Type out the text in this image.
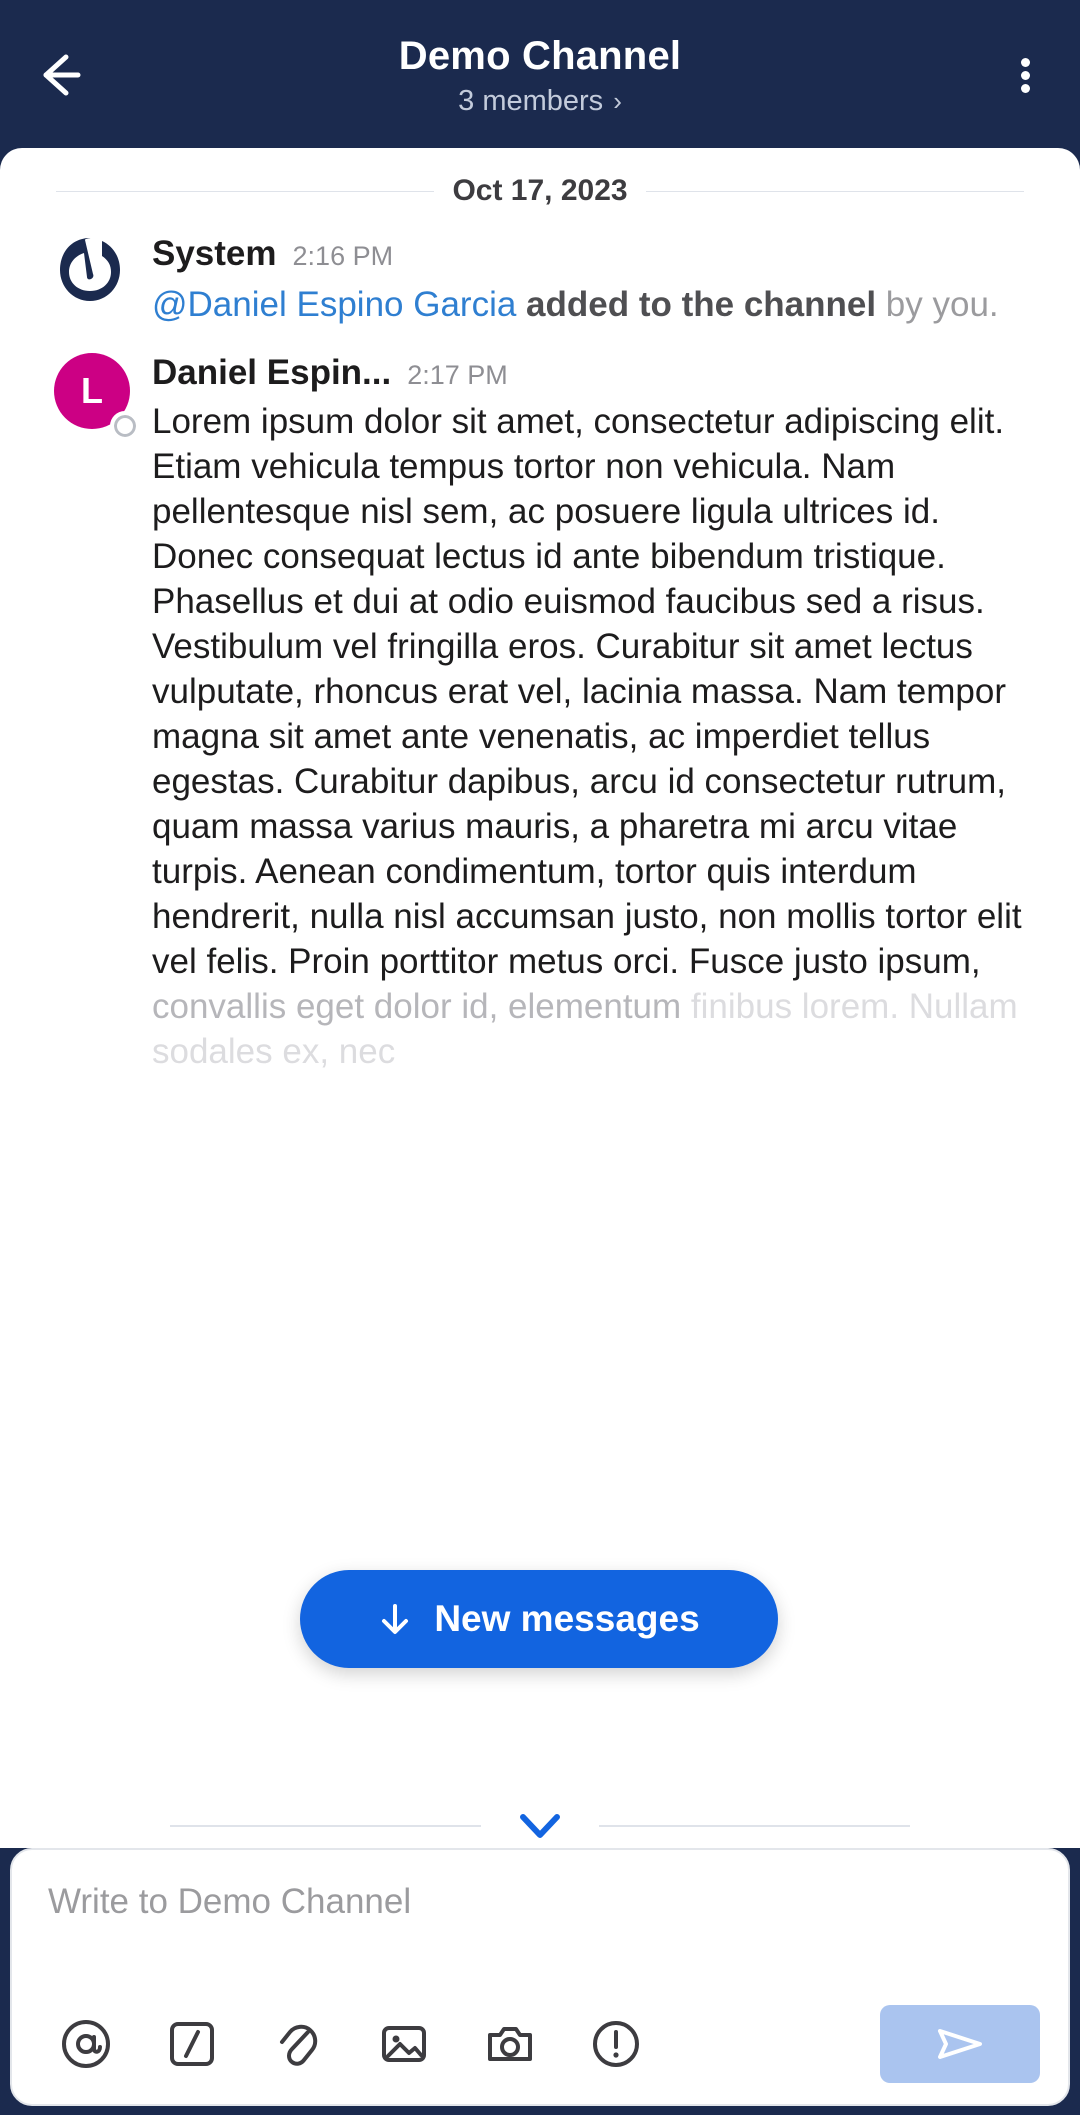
Demo Channel
3 members ›
Oct 17, 2023
System 2:16 PM
@Daniel Espino Garcia added to the channel by you.
L	Daniel Espin... 2:17 PM
Lorem ipsum dolor sit amet, consectetur adipiscing elit. Etiam vehicula tempus tortor non vehicula. Nam pellentesque nisl sem, ac posuere ligula ultrices id. Donec consequat lectus id ante bibendum tristique. Phasellus et dui at odio euismod faucibus sed a risus. Vestibulum vel fringilla eros. Curabitur sit amet lectus vulputate, rhoncus erat vel, lacinia massa. Nam tempor magna sit amet ante venenatis, ac imperdiet tellus egestas. Curabitur dapibus, arcu id consectetur rutrum, quam massa varius mauris, a pharetra mi arcu vitae turpis. Aenean condimentum, tortor quis interdum hendrerit, nulla nisl accumsan justo, non mollis tortor elit vel felis. Proin porttitor metus orci. Fusce justo ipsum, convallis eget dolor id, elementum finibus lorem. Nullam sodales ex, nec
New messages
Write to Demo Channel
